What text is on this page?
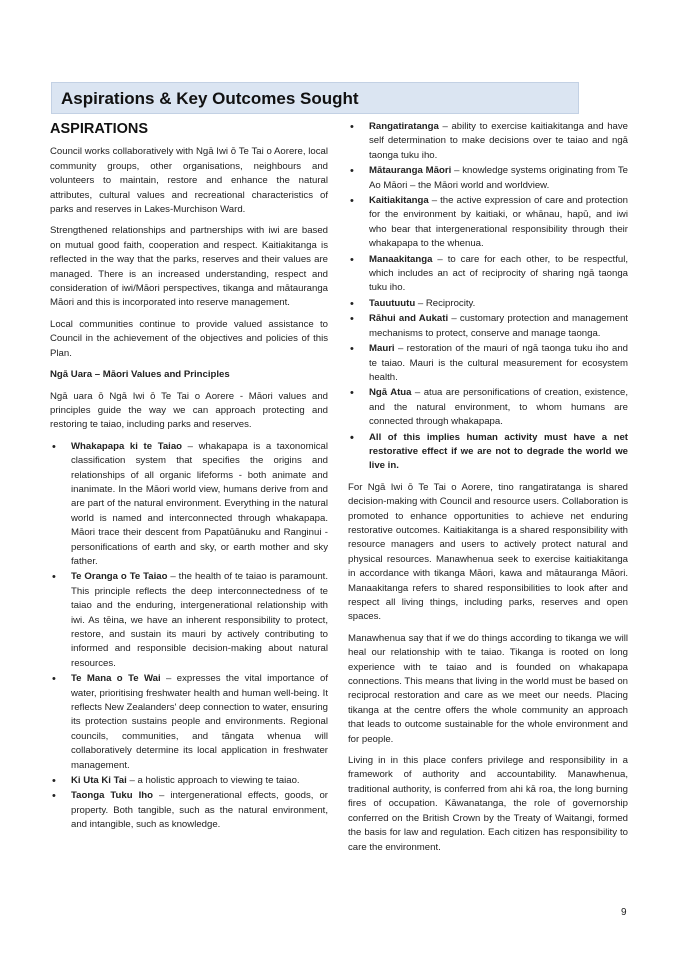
Aspirations & Key Outcomes Sought
ASPIRATIONS

Council works collaboratively with Ngā Iwi ō Te Tai o Aorere, local community groups, other organisations, neighbours and volunteers to maintain, restore and enhance the natural attributes, cultural values and recreational characteristics of parks and reserves in Lakes-Murchison Ward.

Strengthened relationships and partnerships with iwi are based on mutual good faith, cooperation and respect. Kaitiakitanga is reflected in the way that the parks, reserves and their values are managed. There is an increased understanding, respect and consideration of iwi/Māori perspectives, tikanga and mātauranga Māori and this is incorporated into reserve management.

Local communities continue to provide valued assistance to Council in the achievement of the objectives and policies of this Plan.

Ngā Uara – Māori Values and Principles

Ngā uara ō Ngā Iwi ō Te Tai o Aorere - Māori values and principles guide the way we can approach protecting and restoring te taiao, including parks and reserves.

• Whakapapa ki te Taiao – whakapapa is a taxonomical classification system that specifies the origins and relationships of all organic lifeforms - both animate and inanimate. In the Māori world view, humans derive from and are part of the natural environment. Everything in the natural world is named and interconnected through whakapapa. Māori trace their descent from Papatūānuku and Ranginui - personifications of earth and sky, or earth mother and sky father.
• Te Oranga o Te Taiao – the health of te taiao is paramount. This principle reflects the deep interconnectedness of te taiao and the enduring, intergenerational relationship with iwi. As tēina, we have an inherent responsibility to protect, restore, and sustain its mauri by actively contributing to informed and responsible decision-making about natural resources.
• Te Mana o Te Wai – expresses the vital importance of water, prioritising freshwater health and human well-being. It reflects New Zealanders' deep connection to water, ensuring its protection sustains people and environments. Regional councils, communities, and tāngata whenua will collaboratively determine its local application in freshwater management.
• Ki Uta Ki Tai – a holistic approach to viewing te taiao.
• Taonga Tuku Iho – intergenerational effects, goods, or property. Both tangible, such as the natural environment, and intangible, such as knowledge.
• Rangatiratanga – ability to exercise kaitiakitanga and have self determination to make decisions over te taiao and ngā taonga tuku iho.
• Mātauranga Māori – knowledge systems originating from Te Ao Māori – the Māori world and worldview.
• Kaitiakitanga – the active expression of care and protection for the environment by kaitiaki, or whānau, hapū, and iwi who bear that intergenerational responsibility through their whakapapa to the whenua.
• Manaakitanga – to care for each other, to be respectful, which includes an act of reciprocity of sharing ngā taonga tuku iho.
• Tauutuutu – Reciprocity.
• Rāhui and Aukati – customary protection and management mechanisms to protect, conserve and manage taonga.
• Mauri – restoration of the mauri of ngā taonga tuku iho and te taiao. Mauri is the cultural measurement for ecosystem health.
• Ngā Atua – atua are personifications of creation, existence, and the natural environment, to whom humans are connected through whakapapa.
• All of this implies human activity must have a net restorative effect if we are not to degrade the world we live in.

For Ngā Iwi ō Te Tai o Aorere, tino rangatiratanga is shared decision-making with Council and resource users. Collaboration is promoted to enhance opportunities to achieve net enduring restorative outcomes. Kaitiakitanga is a shared responsibility with resource managers and users to actively protect natural and physical resources. Manawhenua seek to exercise kaitiakitanga in accordance with tikanga Māori, kawa and mātauranga Māori. Manaakitanga refers to shared responsibilities to look after and respect all living things, including parks, reserves and open spaces.

Manawhenua say that if we do things according to tikanga we will heal our relationship with te taiao. Tikanga is rooted on long experience with te taiao and is founded on whakapapa connections. This means that living in the world must be based on reciprocal restoration and care as we meet our needs. Placing tikanga at the centre offers the whole community an approach that leads to outcome sustainable for the whole environment and for people.

Living in in this place confers privilege and responsibility in a framework of authority and accountability. Manawhenua, traditional authority, is conferred from ahi kā roa, the long burning fires of occupation. Kāwanatanga, the role of governorship conferred on the British Crown by the Treaty of Waitangi, formed the basis for law and regulation. Each citizen has responsibility to care the environment.

9
